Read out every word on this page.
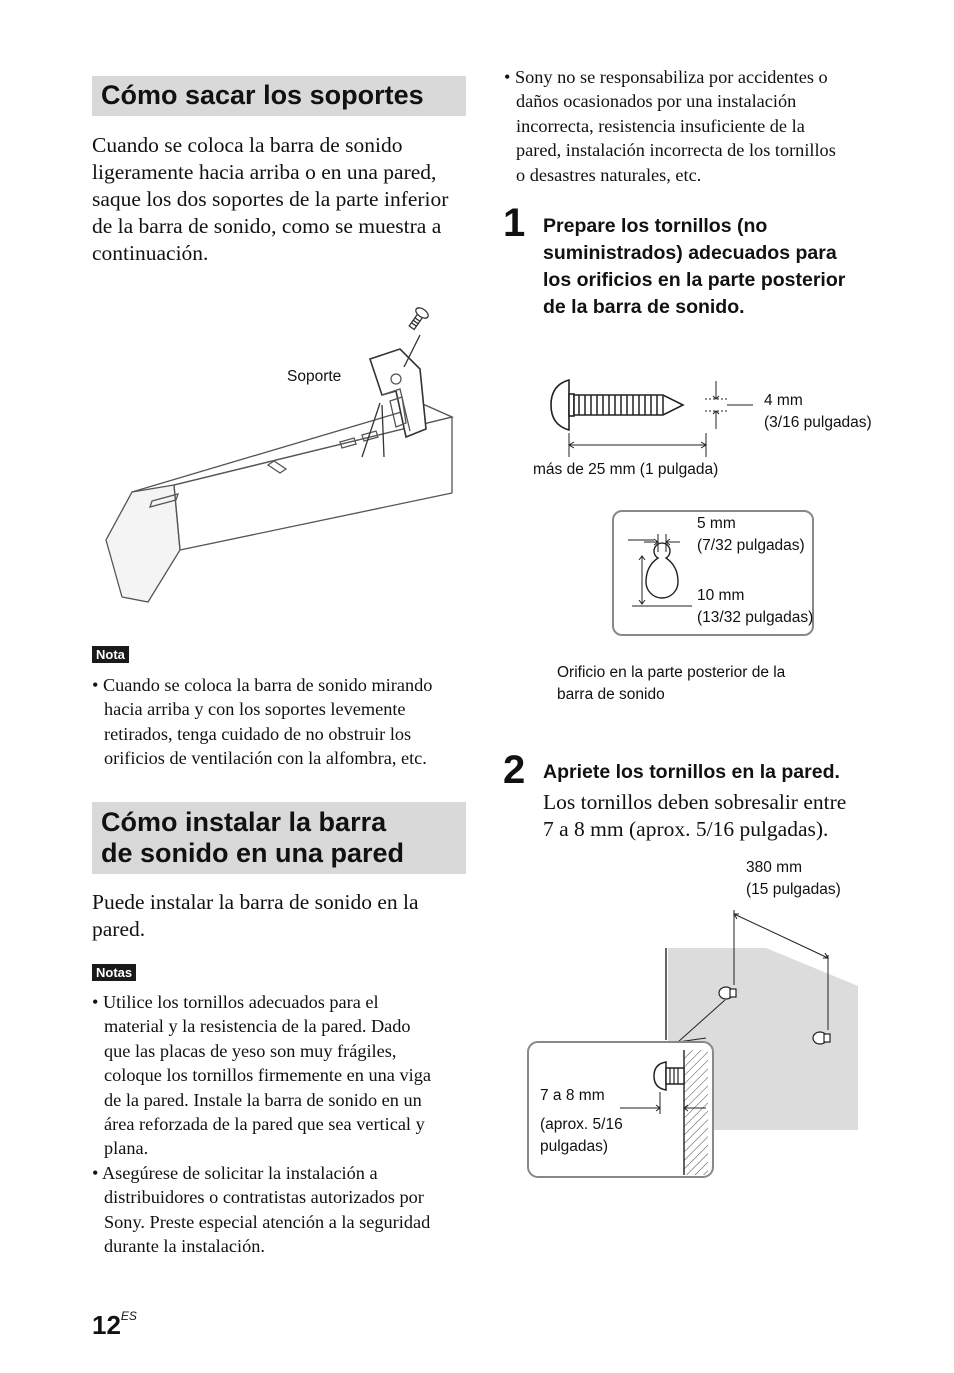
Cómo sacar los soportes
Cuando se coloca la barra de sonido
ligeramente hacia arriba o en una pared,
saque los dos soportes de la parte inferior
de la barra de sonido, como se muestra a
continuación.
Soporte
Nota
• Cuando se coloca la barra de sonido mirando
hacia arriba y con los soportes levemente
retirados, tenga cuidado de no obstruir los
orificios de ventilación con la alfombra, etc.
Cómo instalar la barra
de sonido en una pared
Puede instalar la barra de sonido en la
pared.
Notas
• Utilice los tornillos adecuados para el
material y la resistencia de la pared. Dado
que las placas de yeso son muy frágiles,
coloque los tornillos firmemente en una viga
de la pared. Instale la barra de sonido en un
área reforzada de la pared que sea vertical y
plana.
• Asegúrese de solicitar la instalación a
distribuidores o contratistas autorizados por
Sony. Preste especial atención a la seguridad
durante la instalación.
• Sony no se responsabiliza por accidentes o
daños ocasionados por una instalación
incorrecta, resistencia insuficiente de la
pared, instalación incorrecta de los tornillos
o desastres naturales, etc.
1 Prepare los tornillos (no
suministrados) adecuados para
los orificios en la parte posterior
de la barra de sonido.
4 mm
(3/16 pulgadas)
más de 25 mm (1 pulgada)
5 mm
(7/32 pulgadas)
10 mm
(13/32 pulgadas)
Orificio en la parte posterior de la
barra de sonido
2 Apriete los tornillos en la pared.
Los tornillos deben sobresalir entre
7 a 8 mm (aprox. 5/16 pulgadas).
380 mm
(15 pulgadas)
7 a 8 mm
(aprox. 5/16
pulgadas)
$12^{ES}$
